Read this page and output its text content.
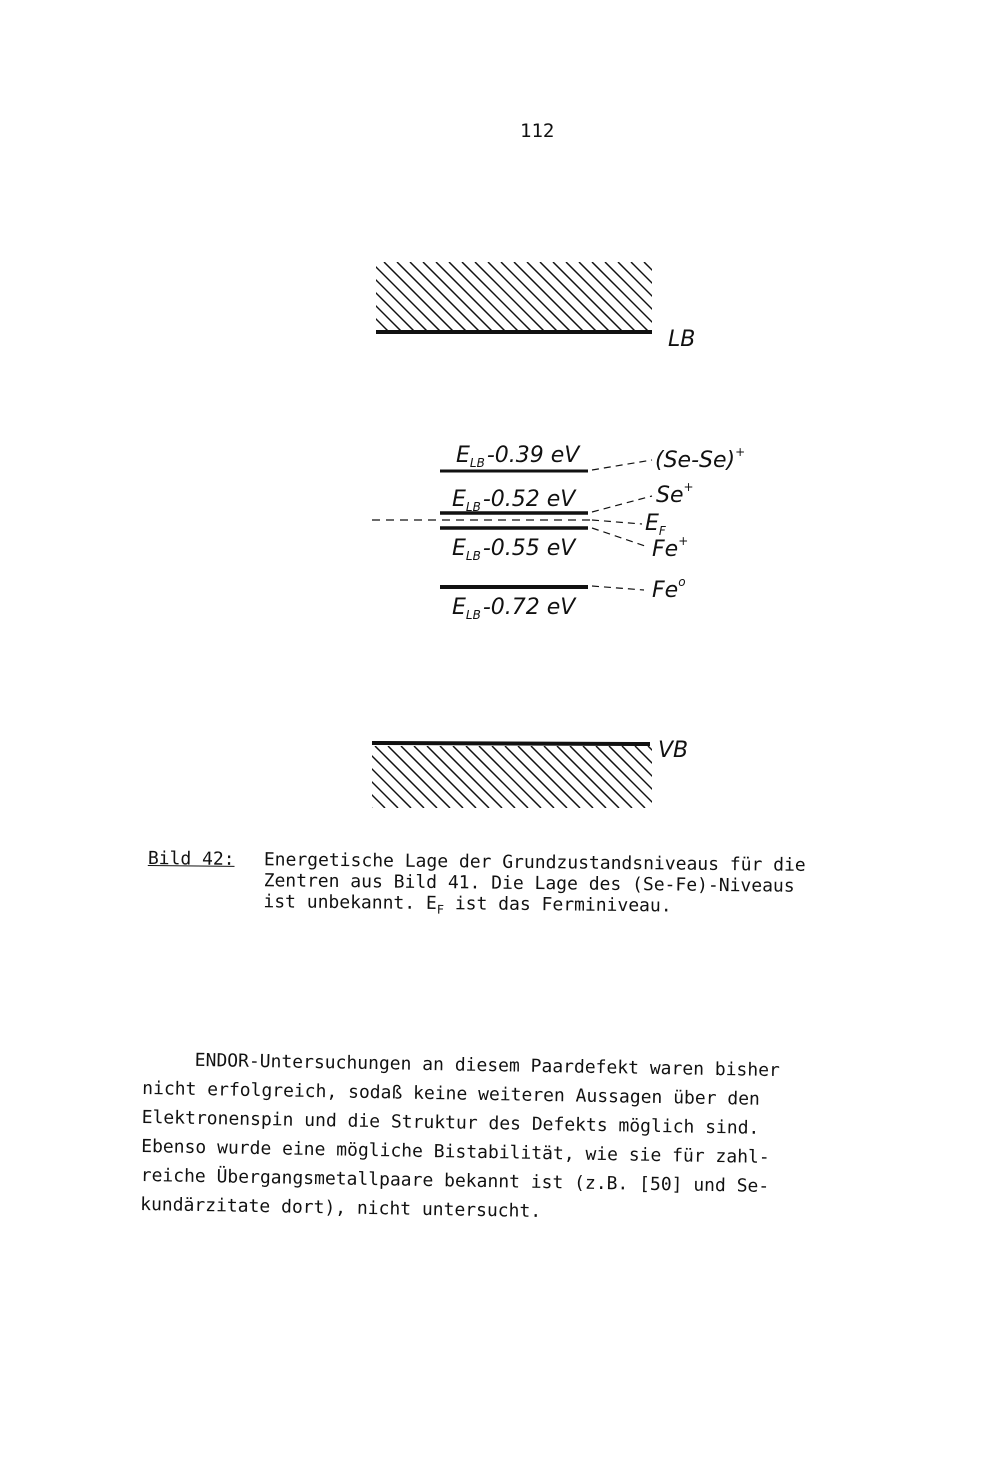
112
LB
$E_{LB}-0.39$ eV
$E_{LB}-0.52$ eV
$E_{LB}-0.55$ eV
$E_{LB}-0.72$ eV
(Se-Se)+
Se+
$E_F$
Fe+
Fe$^o$
VB
Bild 42: Energetische Lage der Grundzustandsniveaus für die
Zentren aus Bild 41. Die Lage des (Se-Fe)-Niveaus
ist unbekannt. $E_F$ ist das Ferminiveau.
ENDOR-Untersuchungen an diesem Paardefekt waren bisher
nicht erfolgreich, sodaß keine weiteren Aussagen über den
Elektronenspin und die Struktur des Defekts möglich sind.
Ebenso wurde eine mögliche Bistabilität, wie sie für zahl-
reiche Übergangsmetallpaare bekannt ist (z.B. [50] und Se-
kundärzitate dort), nicht untersucht.
